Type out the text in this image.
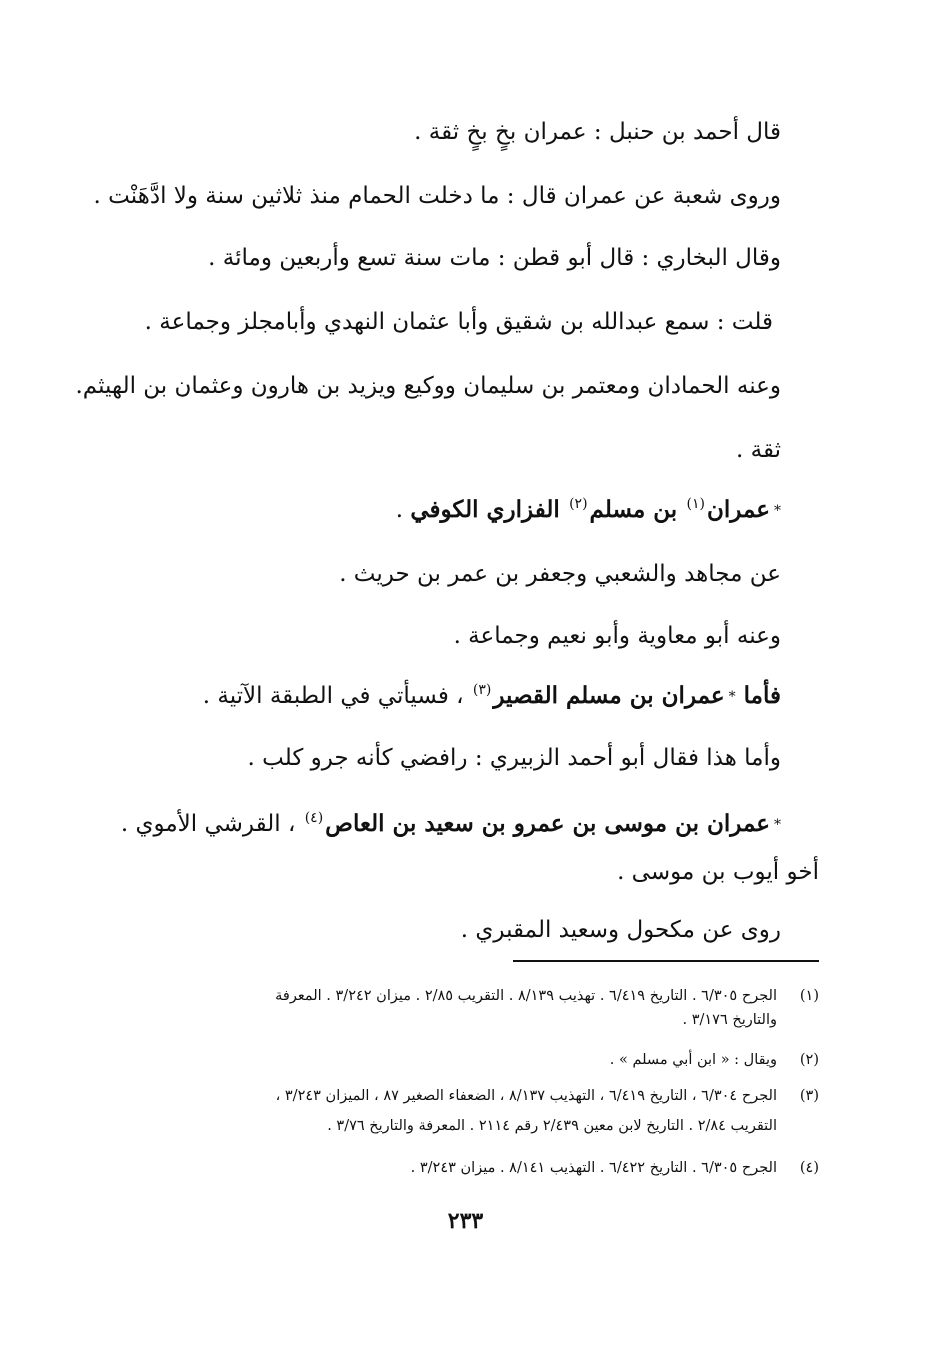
قال أحمد بن حنبل : عمران بخٍ بخٍ ثقة .
وروى شعبة عن عمران قال : ما دخلت الحمام منذ ثلاثين سنة ولا ادَّهَنْت .
وقال البخاري : قال أبو قطن : مات سنة تسع وأربعين ومائة .
قلت : سمع عبدالله بن شقيق وأبا عثمان النهدي وأبامجلز وجماعة .
وعنه الحمادان ومعتمر بن سليمان ووكيع ويزيد بن هارون وعثمان بن الهيثم.
ثقة .
*عمران$^{(١)}$ بن مسلم$^{(٢)}$ الفزاري الكوفي .
عن مجاهد والشعبي وجعفر بن عمر بن حريث .
وعنه أبو معاوية وأبو نعيم وجماعة .
فأما *عمران بن مسلم القصير$^{(٣)}$ ، فسيأتي في الطبقة الآتية .
وأما هذا فقال أبو أحمد الزبيري : رافضي كأنه جرو كلب .
*عمران بن موسى بن عمرو بن سعيد بن العاص$^{(٤)}$ ، القرشي الأموي .
أخو أيوب بن موسى .
روى عن مكحول وسعيد المقبري .
(١)
الجرح ٦/٣٠٥ . التاريخ ٦/٤١٩ . تهذيب ٨/١٣٩ . التقريب ٢/٨٥ . ميزان ٣/٢٤٢ . المعرفة
والتاريخ ٣/١٧٦ .
(٢)
ويقال : « ابن أبي مسلم » .
(٣)
الجرح ٦/٣٠٤ ، التاريخ ٦/٤١٩ ، التهذيب ٨/١٣٧ ، الضعفاء الصغير ٨٧ ، الميزان ٣/٢٤٣ ،
التقريب ٢/٨٤ . التاريخ لابن معين ٢/٤٣٩ رقم ٢١١٤ . المعرفة والتاريخ ٣/٧٦ .
(٤)
الجرح ٦/٣٠٥ . التاريخ ٦/٤٢٢ . التهذيب ٨/١٤١ . ميزان ٣/٢٤٣ .
٢٣٣
